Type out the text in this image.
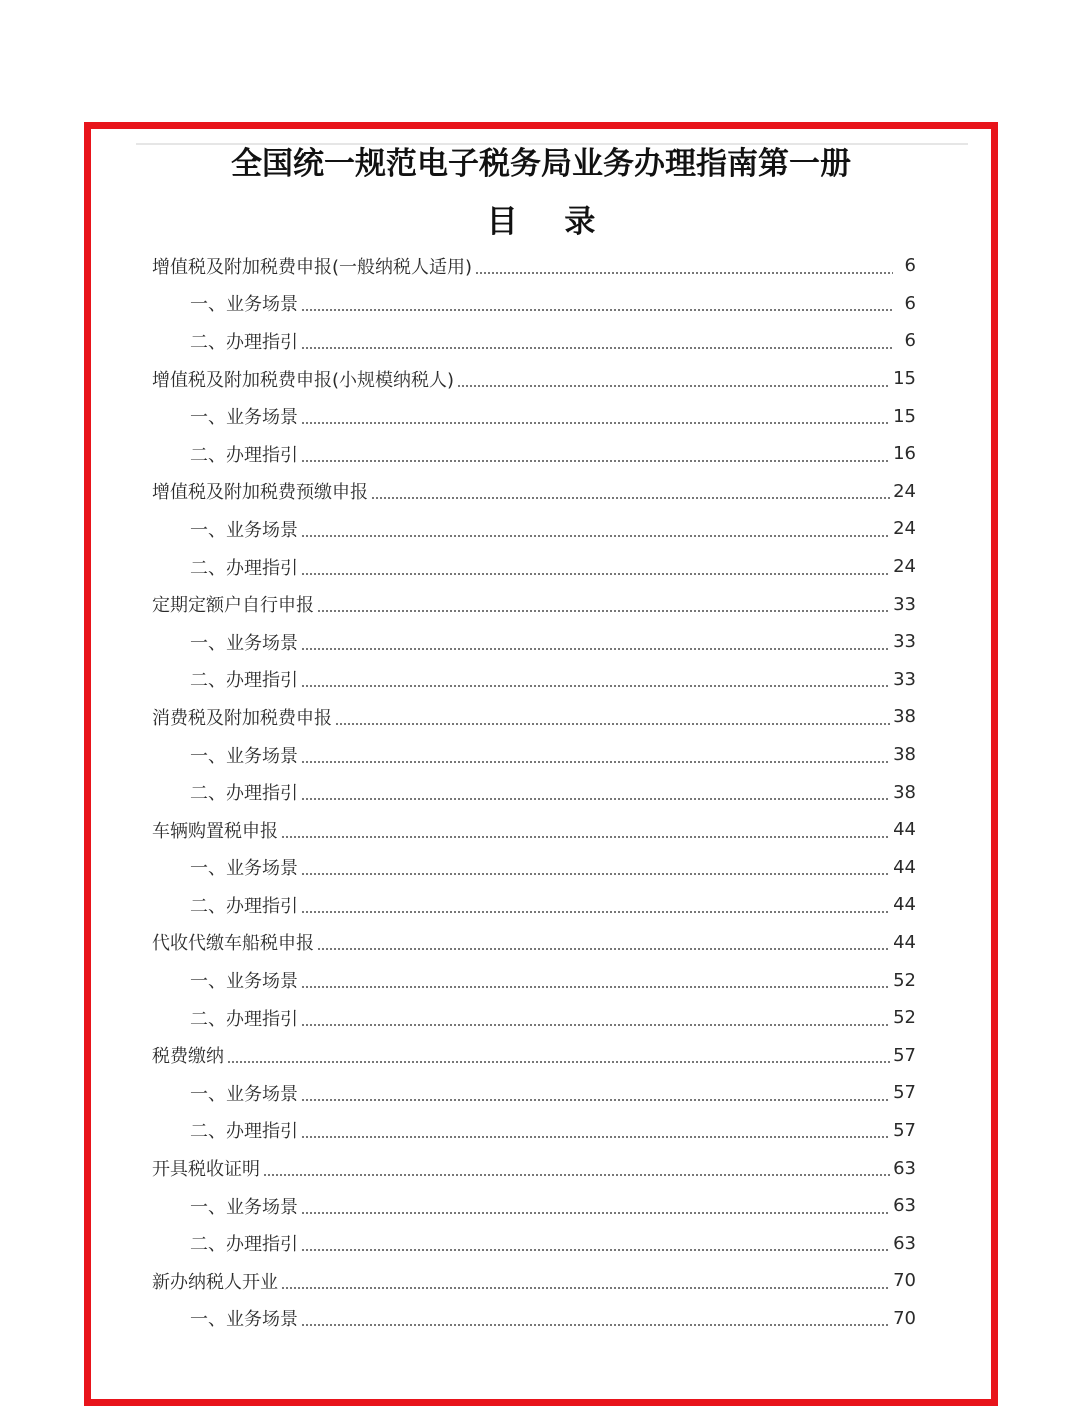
全国统一规范电子税务局业务办理指南第一册
目 录
增值税及附加税费申报(一般纳税人适用)	6
一、业务场景	6
二、办理指引	6
增值税及附加税费申报(小规模纳税人)	15
一、业务场景	15
二、办理指引	16
增值税及附加税费预缴申报	24
一、业务场景	24
二、办理指引	24
定期定额户自行申报	33
一、业务场景	33
二、办理指引	33
消费税及附加税费申报	38
一、业务场景	38
二、办理指引	38
车辆购置税申报	44
一、业务场景	44
二、办理指引	44
代收代缴车船税申报	44
一、业务场景	52
二、办理指引	52
税费缴纳	57
一、业务场景	57
二、办理指引	57
开具税收证明	63
一、业务场景	63
二、办理指引	63
新办纳税人开业	70
一、业务场景	70
